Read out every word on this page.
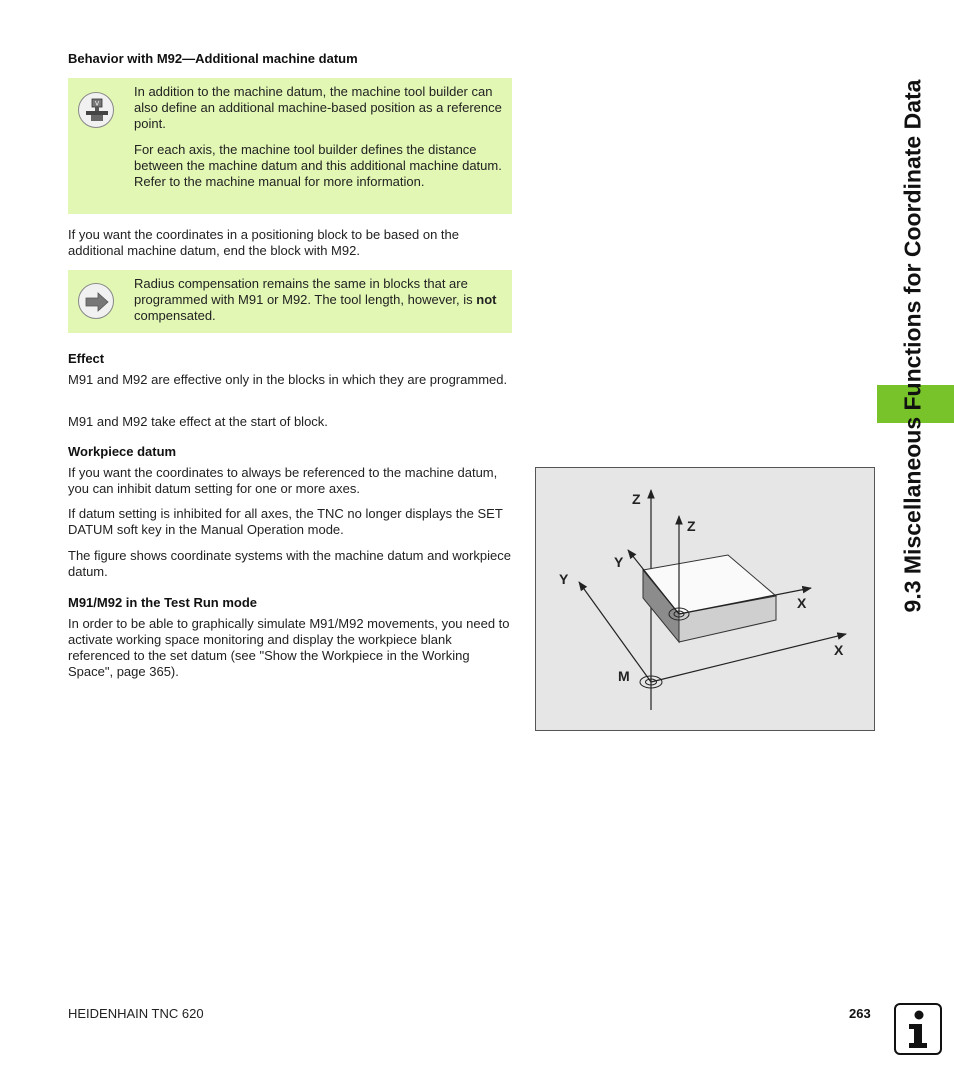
Behavior with M92—Additional machine datum
V

In addition to the machine datum, the machine tool builder can also define an additional machine-based position as a reference point.

For each axis, the machine tool builder defines the distance between the machine datum and this additional machine datum. Refer to the machine manual for more information.

If you want the coordinates in a positioning block to be based on the additional machine datum, end the block with M92.

Radius compensation remains the same in blocks that are programmed with M91 or M92. The tool length, however, is not compensated.

Effect

M91 and M92 are effective only in the blocks in which they are programmed.

M91 and M92 take effect at the start of block.

Workpiece datum

If you want the coordinates to always be referenced to the machine datum, you can inhibit datum setting for one or more axes.

If datum setting is inhibited for all axes, the TNC no longer displays the SET DATUM soft key in the Manual Operation mode.

The figure shows coordinate systems with the machine datum and workpiece datum.

M91/M92 in the Test Run mode

In order to be able to graphically simulate M91/M92 movements, you need to activate working space monitoring and display the workpiece blank referenced to the set datum (see "Show the Workpiece in the Working Space", page 365).

Z
Z
Y
Y
X
X
M
9.3 Miscellaneous Functions for Coordinate Data
HEIDENHAIN TNC 620	263
